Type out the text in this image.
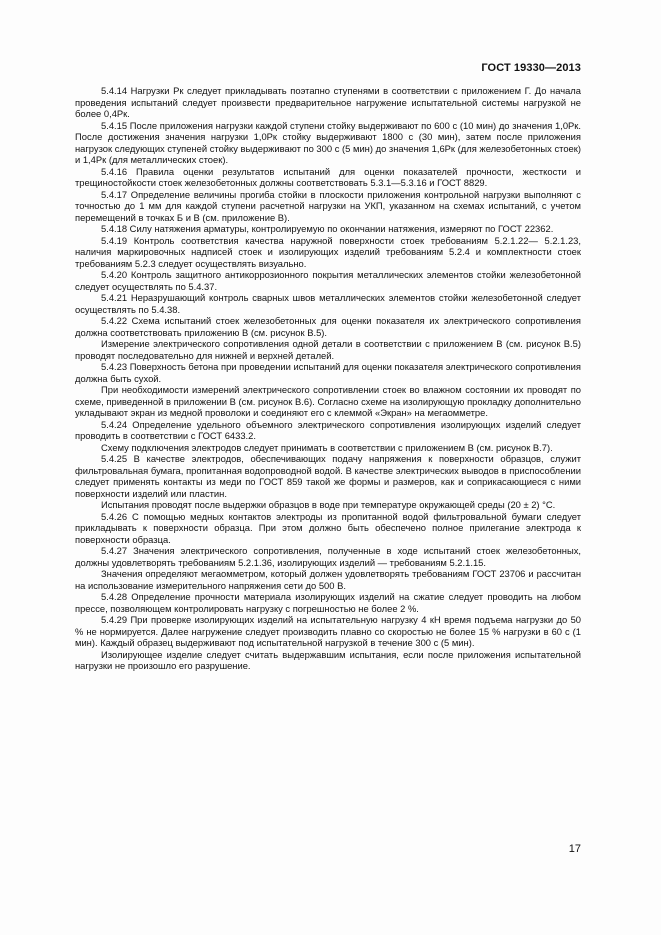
ГОСТ 19330—2013

5.4.14 Нагрузки Pк следует прикладывать поэтапно ступенями в соответствии с приложением Г. До начала проведения испытаний следует произвести предварительное нагружение испытательной системы нагрузкой не более 0,4Pк.

5.4.15 После приложения нагрузки каждой ступени стойку выдерживают по 600 с (10 мин) до значения 1,0Pк. После достижения значения нагрузки 1,0Pк стойку выдерживают 1800 с (30 мин), затем после приложения нагрузок следующих ступеней стойку выдерживают по 300 с (5 мин) до значения 1,6Pк (для железобетонных стоек) и 1,4Pк (для металлических стоек).

5.4.16 Правила оценки результатов испытаний для оценки показателей прочности, жесткости и трещиностойкости стоек железобетонных должны соответствовать 5.3.1—5.3.16 и ГОСТ 8829.

5.4.17 Определение величины прогиба стойки в плоскости приложения контрольной нагрузки выполняют с точностью до 1 мм для каждой ступени расчетной нагрузки на УКП, указанном на схемах испытаний, с учетом перемещений в точках Б и В (см. приложение В).

5.4.18 Силу натяжения арматуры, контролируемую по окончании натяжения, измеряют по ГОСТ 22362.

5.4.19 Контроль соответствия качества наружной поверхности стоек требованиям 5.2.1.22— 5.2.1.23, наличия маркировочных надписей стоек и изолирующих изделий требованиям 5.2.4 и комплектности стоек требованиям 5.2.3 следует осуществлять визуально.

5.4.20 Контроль защитного антикоррозионного покрытия металлических элементов стойки железобетонной следует осуществлять по 5.4.37.

5.4.21 Неразрушающий контроль сварных швов металлических элементов стойки железобетонной следует осуществлять по 5.4.38.

5.4.22 Схема испытаний стоек железобетонных для оценки показателя их электрического сопротивления должна соответствовать приложению В (см. рисунок В.5).

Измерение электрического сопротивления одной детали в соответствии с приложением В (см. рисунок В.5) проводят последовательно для нижней и верхней деталей.

5.4.23 Поверхность бетона при проведении испытаний для оценки показателя электрического сопротивления должна быть сухой.

При необходимости измерений электрического сопротивлении стоек во влажном состоянии их проводят по схеме, приведенной в приложении В (см. рисунок В.6). Согласно схеме на изолирующую прокладку дополнительно укладывают экран из медной проволоки и соединяют его с клеммой «Экран» на мегаомметре.

5.4.24 Определение удельного объемного электрического сопротивления изолирующих изделий следует проводить в соответствии с ГОСТ 6433.2.

Схему подключения электродов следует принимать в соответствии с приложением В (см. рисунок В.7).

5.4.25 В качестве электродов, обеспечивающих подачу напряжения к поверхности образцов, служит фильтровальная бумага, пропитанная водопроводной водой. В качестве электрических выводов в приспособлении следует применять контакты из меди по ГОСТ 859 такой же формы и размеров, как и соприкасающиеся с ними поверхности изделий или пластин.

Испытания проводят после выдержки образцов в воде при температуре окружающей среды (20 ± 2) °С.

5.4.26 С помощью медных контактов электроды из пропитанной водой фильтровальной бумаги следует прикладывать к поверхности образца. При этом должно быть обеспечено полное прилегание электрода к поверхности образца.

5.4.27 Значения электрического сопротивления, полученные в ходе испытаний стоек железобетонных, должны удовлетворять требованиям 5.2.1.36, изолирующих изделий — требованиям 5.2.1.15.

Значения определяют мегаомметром, который должен удовлетворять требованиям ГОСТ 23706 и рассчитан на использование измерительного напряжения сети до 500 В.

5.4.28 Определение прочности материала изолирующих изделий на сжатие следует проводить на любом прессе, позволяющем контролировать нагрузку с погрешностью не более 2 %.

5.4.29 При проверке изолирующих изделий на испытательную нагрузку 4 кН время подъема нагрузки до 50 % не нормируется. Далее нагружение следует производить плавно со скоростью не более 15 % нагрузки в 60 с (1 мин). Каждый образец выдерживают под испытательной нагрузкой в течение 300 с (5 мин).

Изолирующее изделие следует считать выдержавшим испытания, если после приложения испытательной нагрузки не произошло его разрушение.

17
